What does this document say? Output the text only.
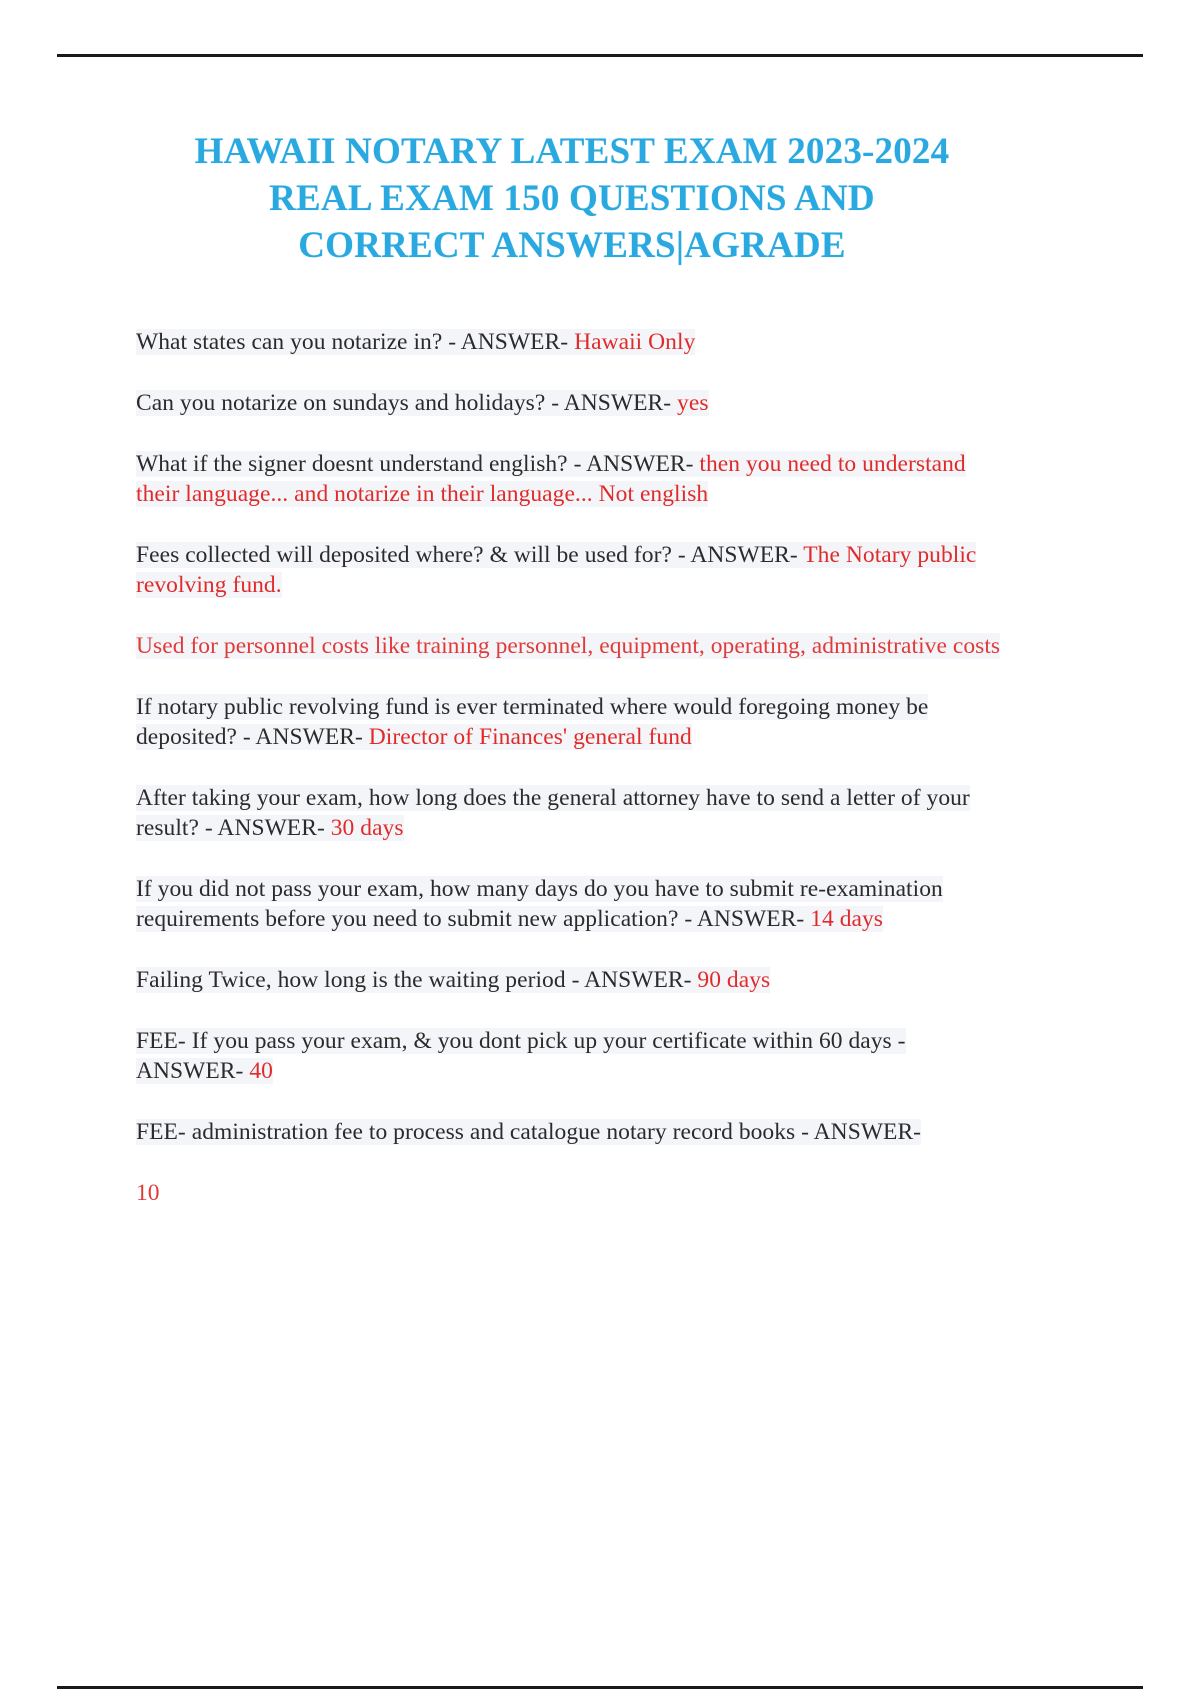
HAWAII NOTARY LATEST EXAM 2023-2024
REAL EXAM 150 QUESTIONS AND
CORRECT ANSWERS|AGRADE

What states can you notarize in? - ANSWER- Hawaii Only

Can you notarize on sundays and holidays? - ANSWER- yes

What if the signer doesnt understand english? - ANSWER- then you need to understand their language... and notarize in their language... Not english

Fees collected will deposited where? & will be used for? - ANSWER- The Notary public revolving fund.

Used for personnel costs like training personnel, equipment, operating, administrative costs

If notary public revolving fund is ever terminated where would foregoing money be deposited? - ANSWER- Director of Finances' general fund

After taking your exam, how long does the general attorney have to send a letter of your result? - ANSWER- 30 days

If you did not pass your exam, how many days do you have to submit re-examination requirements before you need to submit new application? - ANSWER- 14 days

Failing Twice, how long is the waiting period - ANSWER- 90 days

FEE- If you pass your exam, & you dont pick up your certificate within 60 days - ANSWER- 40

FEE- administration fee to process and catalogue notary record books - ANSWER-

10
